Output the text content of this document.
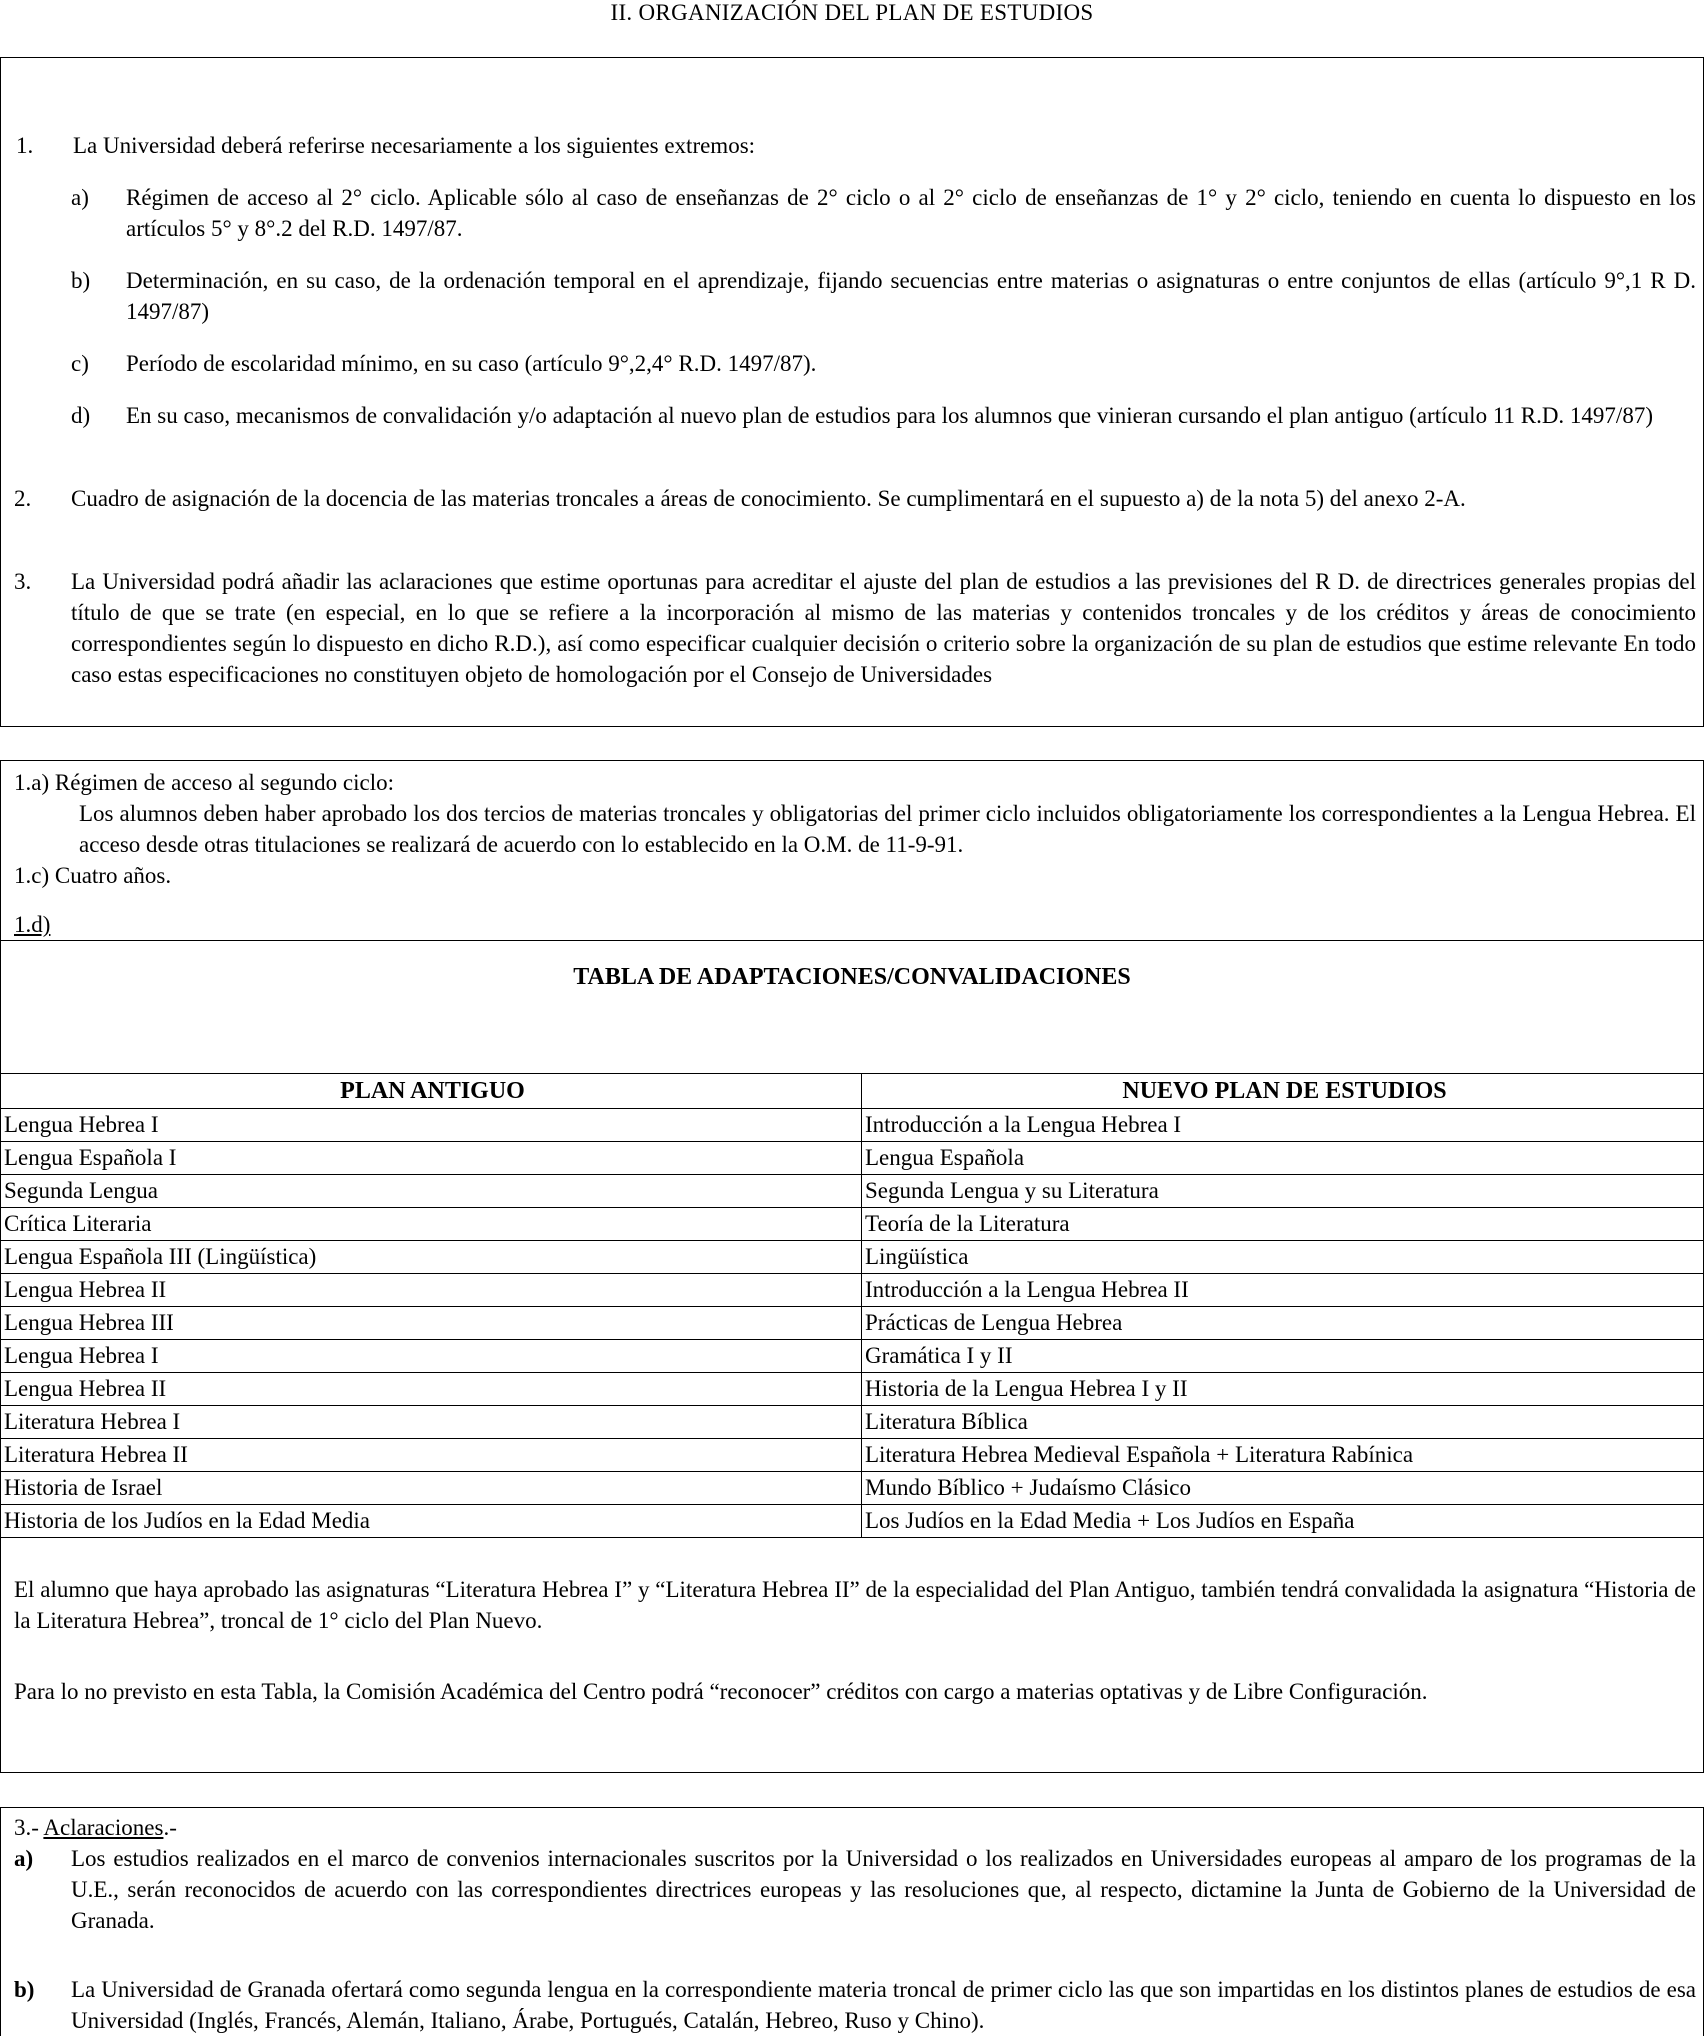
II. ORGANIZACIÓN DEL PLAN DE ESTUDIOS
1. La Universidad deberá referirse necesariamente a los siguientes extremos:
a) Régimen de acceso al 2° ciclo. Aplicable sólo al caso de enseñanzas de 2° ciclo o al 2° ciclo de enseñanzas de 1° y 2° ciclo, teniendo en cuenta lo dispuesto en los artículos 5° y 8°.2 del R.D. 1497/87.
b) Determinación, en su caso, de la ordenación temporal en el aprendizaje, fijando secuencias entre materias o asignaturas o entre conjuntos de ellas (artículo 9°,1 R D. 1497/87)
c) Período de escolaridad mínimo, en su caso (artículo 9°,2,4° R.D. 1497/87).
d) En su caso, mecanismos de convalidación y/o adaptación al nuevo plan de estudios para los alumnos que vinieran cursando el plan antiguo (artículo 11 R.D. 1497/87)
2. Cuadro de asignación de la docencia de las materias troncales a áreas de conocimiento. Se cumplimentará en el supuesto a) de la nota 5) del anexo 2-A.
3. La Universidad podrá añadir las aclaraciones que estime oportunas para acreditar el ajuste del plan de estudios a las previsiones del R D. de directrices generales propias del título de que se trate (en especial, en lo que se refiere a la incorporación al mismo de las materias y contenidos troncales y de los créditos y áreas de conocimiento correspondientes según lo dispuesto en dicho R.D.), así como especificar cualquier decisión o criterio sobre la organización de su plan de estudios que estime relevante En todo caso estas especificaciones no constituyen objeto de homologación por el Consejo de Universidades
1.a) Régimen de acceso al segundo ciclo:
Los alumnos deben haber aprobado los dos tercios de materias troncales y obligatorias del primer ciclo incluidos obligatoriamente los correspondientes a la Lengua Hebrea. El acceso desde otras titulaciones se realizará de acuerdo con lo establecido en la O.M. de 11-9-91.
1.c) Cuatro años.
1.d)
TABLA DE ADAPTACIONES/CONVALIDACIONES
PLAN ANTIGUO	NUEVO PLAN DE ESTUDIOS
Lengua Hebrea I	Introducción a la Lengua Hebrea I
Lengua Española I	Lengua Española
Segunda Lengua	Segunda Lengua y su Literatura
Crítica Literaria	Teoría de la Literatura
Lengua Española III (Lingüística)	Lingüística
Lengua Hebrea II	Introducción a la Lengua Hebrea II
Lengua Hebrea III	Prácticas de Lengua Hebrea
Lengua Hebrea I	Gramática I y II
Lengua Hebrea II	Historia de la Lengua Hebrea I y II
Literatura Hebrea I	Literatura Bíblica
Literatura Hebrea II	Literatura Hebrea Medieval Española + Literatura Rabínica
Historia de Israel	Mundo Bíblico + Judaísmo Clásico
Historia de los Judíos en la Edad Media	Los Judíos en la Edad Media + Los Judíos en España
El alumno que haya aprobado las asignaturas “Literatura Hebrea I” y “Literatura Hebrea II” de la especialidad del Plan Antiguo, también tendrá convalidada la asignatura “Historia de la Literatura Hebrea”, troncal de 1° ciclo del Plan Nuevo.
Para lo no previsto en esta Tabla, la Comisión Académica del Centro podrá “reconocer” créditos con cargo a materias optativas y de Libre Configuración.
3.- Aclaraciones.-
a) Los estudios realizados en el marco de convenios internacionales suscritos por la Universidad o los realizados en Universidades europeas al amparo de los programas de la U.E., serán reconocidos de acuerdo con las correspondientes directrices europeas y las resoluciones que, al respecto, dictamine la Junta de Gobierno de la Universidad de Granada.
b) La Universidad de Granada ofertará como segunda lengua en la correspondiente materia troncal de primer ciclo las que son impartidas en los distintos planes de estudios de esa Universidad (Inglés, Francés, Alemán, Italiano, Árabe, Portugués, Catalán, Hebreo, Ruso y Chino).
